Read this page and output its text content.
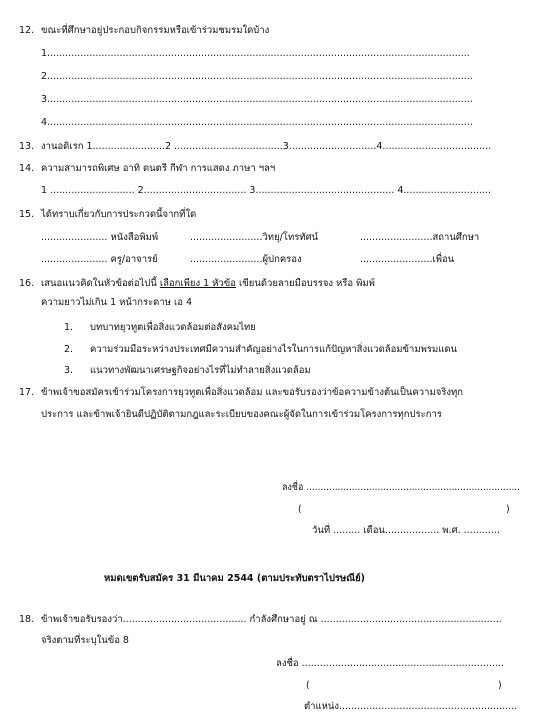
12. ขณะที่ศึกษาอยู่ประกอบกิจกรรมหรือเข้าร่วมชมรมใดบ้าง
1............................................................................................................................................
2.............................................................................................................................................
3.............................................................................................................................................
4.............................................................................................................................................
13. งานอดิเรก 1........................2 ....................................3.............................4....................................
14. ความสามารถพิเศษ อาทิ ดนตรี กีฬา การแสดง ภาษา ฯลฯ
1 ............................ 2.................................. 3.............................................. 4.............................
15. ได้ทราบเกี่ยวกับการประกวดนี้จากที่ใด
...................... หนังสือพิมพ์	........................วิทยุ/โทรทัศน์	........................สถานศึกษา
...................... ครู/อาจารย์	........................ผู้ปกครอง	........................เพื่อน
16. เสนอแนวคิดในหัวข้อต่อไปนี้ เลือกเพียง 1 หัวข้อ เขียนด้วยลายมือบรรจง หรือ พิมพ์
ความยาวไม่เกิน 1 หน้ากระดาษ เอ 4
1. บทบาทยุวทูตเพื่อสิ่งแวดล้อมต่อสังคมไทย
2. ความร่วมมือระหว่างประเทศมีความสำคัญอย่างไรในการแก้ปัญหาสิ่งแวดล้อมข้ามพรมแดน
3. แนวทางพัฒนาเศรษฐกิจอย่างไรที่ไม่ทำลายสิ่งแวดล้อม
17. ข้าพเจ้าขอสมัครเข้าร่วมโครงการยุวทูตเพื่อสิ่งแวดล้อม และขอรับรองว่าข้อความข้างต้นเป็นความจริงทุก
ประการ และข้าพเจ้ายินดีปฏิบัติตามกฎและระเบียบของคณะผู้จัดในการเข้าร่วมโครงการทุกประการ
ลงชื่อ ...........................................................................
(	)
วันที่ ......... เดือน.................. พ.ศ. ............
หมดเขตรับสมัคร 31 มีนาคม 2544 (ตามประทับตราไปรษณีย์)
18. ข้าพเจ้าขอรับรองว่า......................................... กำลังศึกษาอยู่ ณ ............................................................
จริงตามที่ระบุในข้อ 8
ลงชื่อ ...................................................................
(	)
ตำแหน่ง...........................................................
